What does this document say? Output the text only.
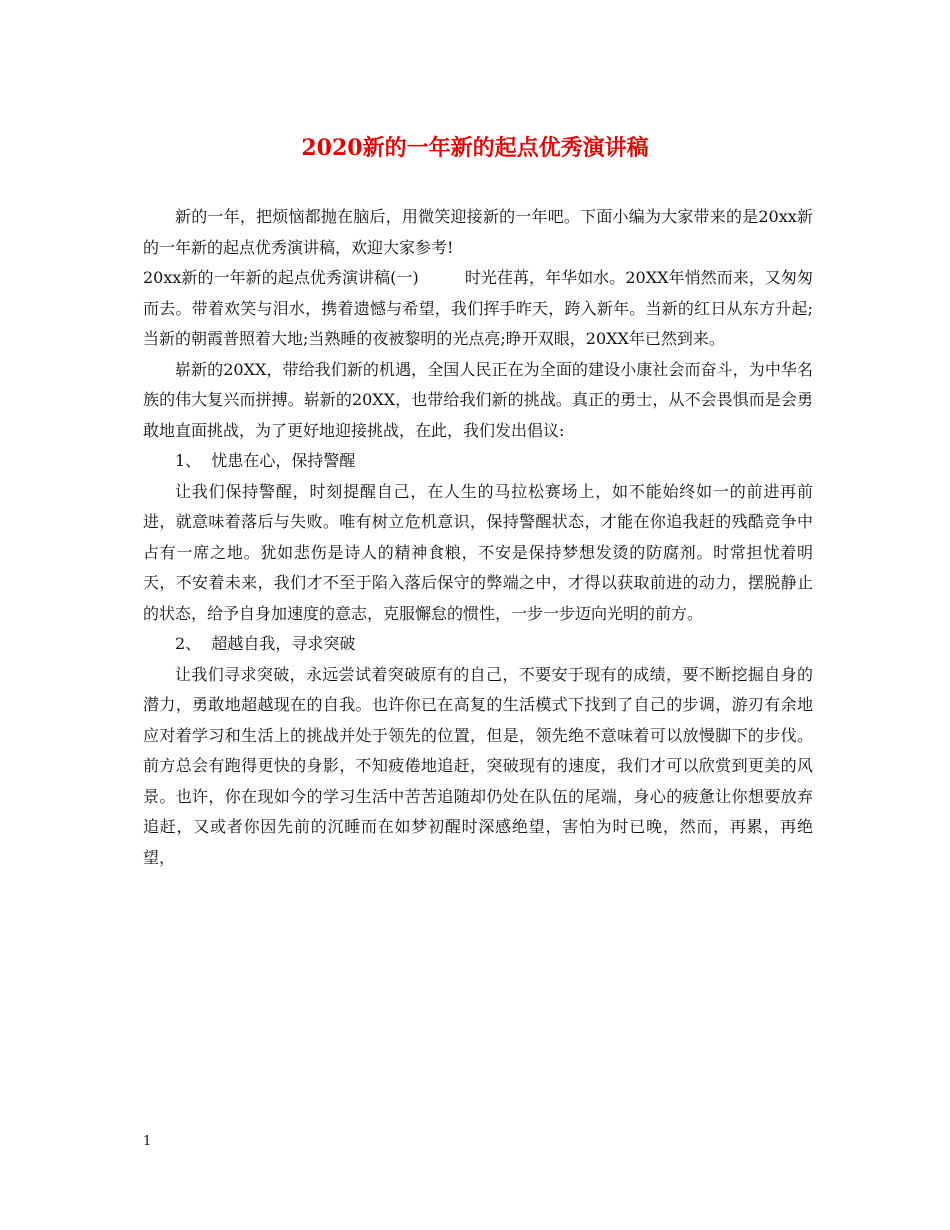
2020新的一年新的起点优秀演讲稿

新的一年，把烦恼都抛在脑后，用微笑迎接新的一年吧。下面小编为大家带来的是20xx新的一年新的起点优秀演讲稿，欢迎大家参考!

20xx新的一年新的起点优秀演讲稿(一)	时光荏苒，年华如水。20XX年悄然而来，又匆匆而去。带着欢笑与泪水，携着遗憾与希望，我们挥手昨天，跨入新年。当新的红日从东方升起;当新的朝霞普照着大地;当熟睡的夜被黎明的光点亮;睁开双眼，20XX年已然到来。

崭新的20XX，带给我们新的机遇，全国人民正在为全面的建设小康社会而奋斗，为中华名族的伟大复兴而拼搏。崭新的20XX，也带给我们新的挑战。真正的勇士，从不会畏惧而是会勇敢地直面挑战，为了更好地迎接挑战，在此，我们发出倡议:

1、  忧患在心，保持警醒

让我们保持警醒，时刻提醒自己，在人生的马拉松赛场上，如不能始终如一的前进再前进，就意味着落后与失败。唯有树立危机意识，保持警醒状态，才能在你追我赶的残酷竞争中占有一席之地。犹如悲伤是诗人的精神食粮，不安是保持梦想发烫的防腐剂。时常担忧着明天，不安着未来，我们才不至于陷入落后保守的弊端之中，才得以获取前进的动力，摆脱静止的状态，给予自身加速度的意志，克服懈怠的惯性，一步一步迈向光明的前方。

2、  超越自我，寻求突破

让我们寻求突破，永远尝试着突破原有的自己，不要安于现有的成绩，要不断挖掘自身的潜力，勇敢地超越现在的自我。也许你已在高复的生活模式下找到了自己的步调，游刃有余地应对着学习和生活上的挑战并处于领先的位置，但是，领先绝不意味着可以放慢脚下的步伐。前方总会有跑得更快的身影，不知疲倦地追赶，突破现有的速度，我们才可以欣赏到更美的风景。也许，你在现如今的学习生活中苦苦追随却仍处在队伍的尾端，身心的疲惫让你想要放弃追赶，又或者你因先前的沉睡而在如梦初醒时深感绝望，害怕为时已晚，然而，再累，再绝望，

1
